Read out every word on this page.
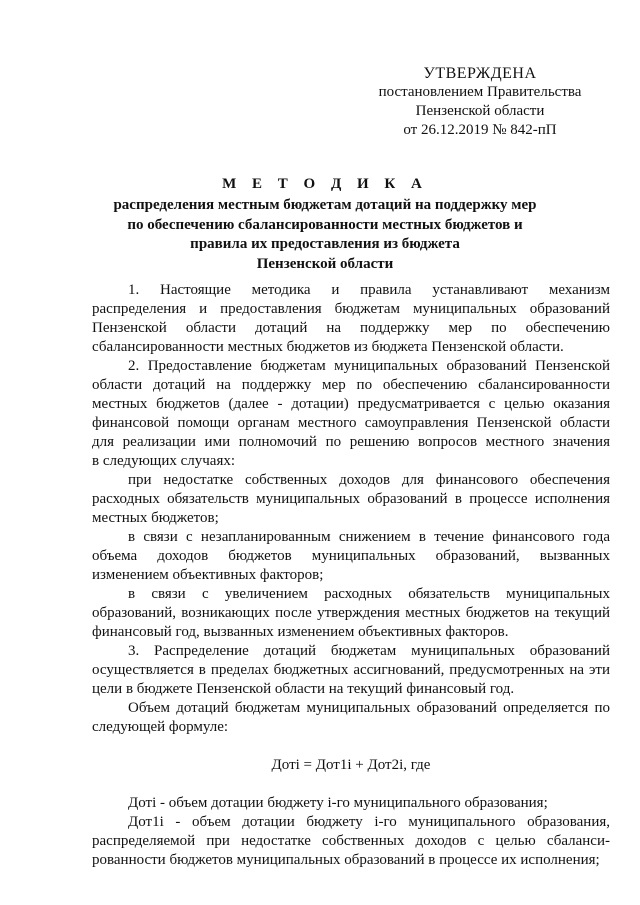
УТВЕРЖДЕНА
постановлением Правительства
Пензенской области
от 26.12.2019 № 842-пП
М Е Т О Д И К А
распределения местным бюджетам дотаций на поддержку мер
по обеспечению сбалансированности местных бюджетов и
правила их предоставления из бюджета
Пензенской области
1. Настоящие методика и правила устанавливают механизм
распределения и предоставления бюджетам муниципальных образований
Пензенской области дотаций на поддержку мер по обеспечению
сбалансированности местных бюджетов из бюджета Пензенской области.
2. Предоставление бюджетам муниципальных образований Пензенской
области дотаций на поддержку мер по обеспечению сбалансированности
местных бюджетов (далее - дотации) предусматривается с целью оказания
финансовой помощи органам местного самоуправления Пензенской области
для реализации ими полномочий по решению вопросов местного значения
в следующих случаях:
при недостатке собственных доходов для финансового обеспечения
расходных обязательств муниципальных образований в процессе исполнения
местных бюджетов;
в связи с незапланированным снижением в течение финансового года
объема доходов бюджетов муниципальных образований, вызванных
изменением объективных факторов;
в связи с увеличением расходных обязательств муниципальных
образований, возникающих после утверждения местных бюджетов на текущий
финансовый год, вызванных изменением объективных факторов.
3. Распределение дотаций бюджетам муниципальных образований
осуществляется в пределах бюджетных ассигнований, предусмотренных на эти
цели в бюджете Пензенской области на текущий финансовый год.
Объем дотаций бюджетам муниципальных образований определяется по
следующей формуле:
Дотi = Дот1i + Дот2i, где
Дотi - объем дотации бюджету i-го муниципального образования;
Дот1i - объем дотации бюджету i-го муниципального образования,
распределяемой при недостатке собственных доходов с целью сбаланси-
рованности бюджетов муниципальных образований в процессе их исполнения;
